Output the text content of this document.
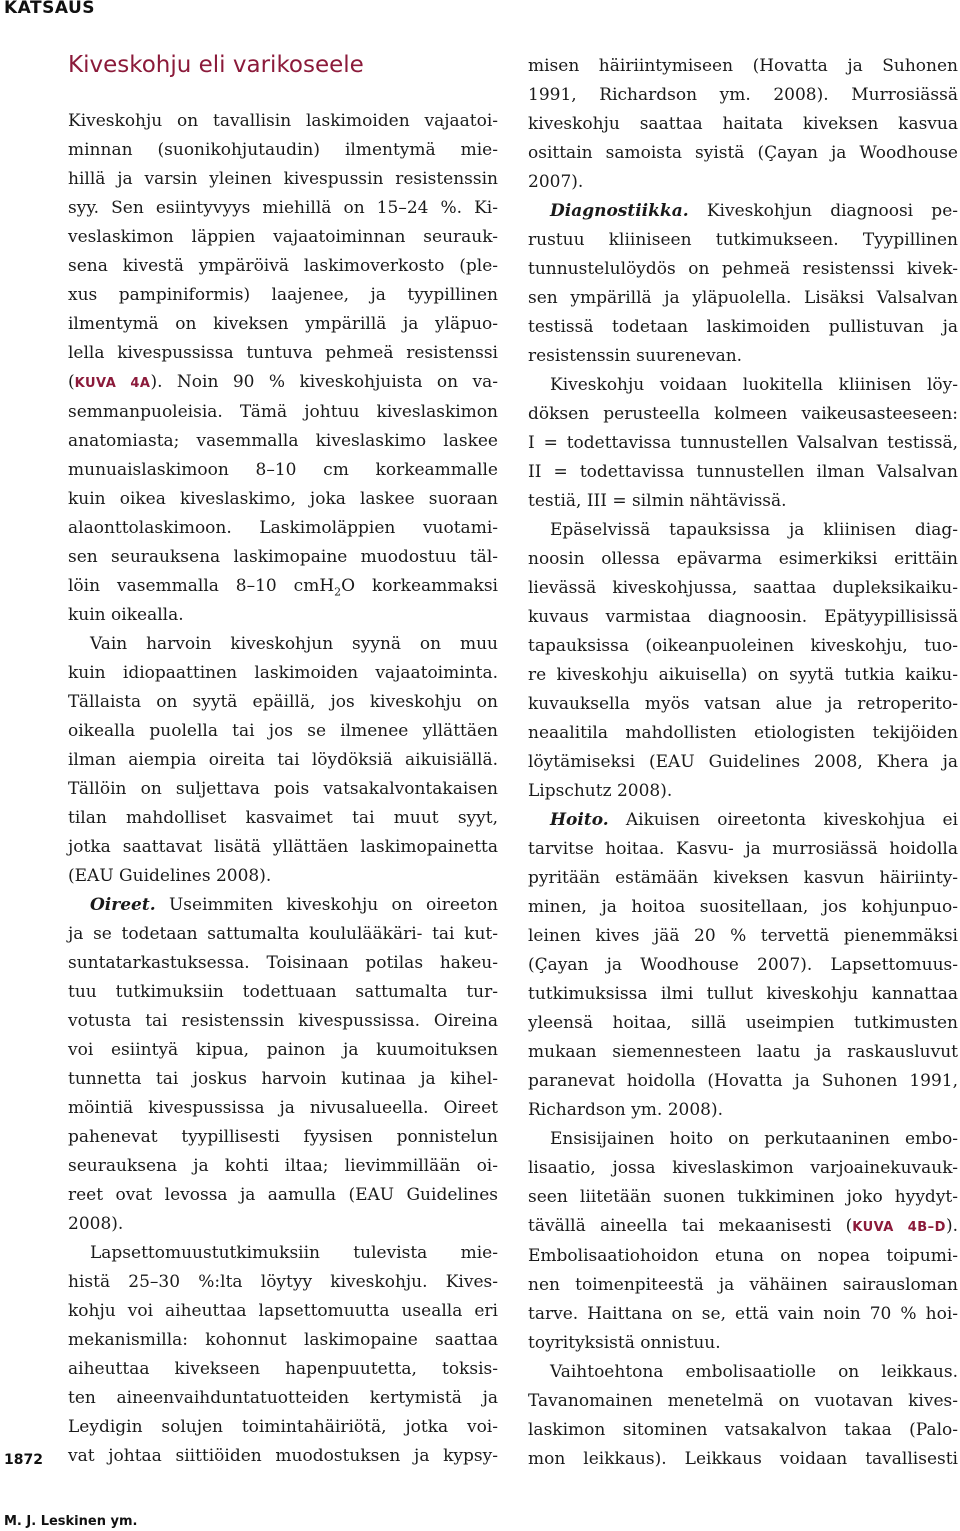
KATSAUS
Kiveskohju eli varikoseele
Kiveskohju on tavallisin laskimoiden vajaatoi-
minnan (suonikohjutaudin) ilmentymä mie-
hillä ja varsin yleinen kivespussin resistenssin
syy. Sen esiintyvyys miehillä on 15–24 %. Ki-
veslaskimon läppien vajaatoiminnan seurauk-
sena kivestä ympäröivä laskimoverkosto (ple-
xus pampiniformis) laajenee, ja tyypillinen
ilmentymä on kiveksen ympärillä ja yläpuo-
lella kivespussissa tuntuva pehmeä resistenssi
(KUVA 4A). Noin 90 % kiveskohjuista on va-
semmanpuoleisia. Tämä johtuu kiveslaskimon
anatomiasta; vasemmalla kiveslaskimo laskee
munuaislaskimoon 8–10 cm korkeammalle
kuin oikea kiveslaskimo, joka laskee suoraan
alaonttolaskimoon. Laskimoläppien vuotami-
sen seurauksena laskimopaine muodostuu täl-
löin vasemmalla 8–10 cmH$_2$O korkeammaksi
kuin oikealla.
Vain harvoin kiveskohjun syynä on muu
kuin idiopaattinen laskimoiden vajaatoiminta.
Tällaista on syytä epäillä, jos kiveskohju on
oikealla puolella tai jos se ilmenee yllättäen
ilman aiempia oireita tai löydöksiä aikuisiällä.
Tällöin on suljettava pois vatsakalvontakaisen
tilan mahdolliset kasvaimet tai muut syyt,
jotka saattavat lisätä yllättäen laskimopainetta
(EAU Guidelines 2008).
Oireet. Useimmiten kiveskohju on oireeton
ja se todetaan sattumalta koululääkäri- tai kut-
suntatarkastuksessa. Toisinaan potilas hakeu-
tuu tutkimuksiin todettuaan sattumalta tur-
votusta tai resistenssin kivespussissa. Oireina
voi esiintyä kipua, painon ja kuumoituksen
tunnetta tai joskus harvoin kutinaa ja kihel-
möintiä kivespussissa ja nivusalueella. Oireet
pahenevat tyypillisesti fyysisen ponnistelun
seurauksena ja kohti iltaa; lievimmillään oi-
reet ovat levossa ja aamulla (EAU Guidelines
2008).
Lapsettomuustutkimuksiin tulevista mie-
histä 25–30 %:lta löytyy kiveskohju. Kives-
kohju voi aiheuttaa lapsettomuutta usealla eri
mekanismilla: kohonnut laskimopaine saattaa
aiheuttaa kivekseen hapenpuutetta, toksis-
ten aineenvaihduntatuotteiden kertymistä ja
Leydigin solujen toimintahäiriötä, jotka voi-
vat johtaa siittiöiden muodostuksen ja kypsy-
misen häiriintymiseen (Hovatta ja Suhonen
1991, Richardson ym. 2008). Murrosiässä
kiveskohju saattaa haitata kiveksen kasvua
osittain samoista syistä (Çayan ja Woodhouse
2007).
Diagnostiikka. Kiveskohjun diagnoosi pe-
rustuu kliiniseen tutkimukseen. Tyypillinen
tunnustelulöydös on pehmeä resistenssi kivek-
sen ympärillä ja yläpuolella. Lisäksi Valsalvan
testissä todetaan laskimoiden pullistuvan ja
resistenssin suurenevan.
Kiveskohju voidaan luokitella kliinisen löy-
döksen perusteella kolmeen vaikeusasteeseen:
I = todettavissa tunnustellen Valsalvan testissä,
II = todettavissa tunnustellen ilman Valsalvan
testiä, III = silmin nähtävissä.
Epäselvissä tapauksissa ja kliinisen diag-
noosin ollessa epävarma esimerkiksi erittäin
lievässä kiveskohjussa, saattaa dupleksikaiku-
kuvaus varmistaa diagnoosin. Epätyypillisissä
tapauksissa (oikeanpuoleinen kiveskohju, tuo-
re kiveskohju aikuisella) on syytä tutkia kaiku-
kuvauksella myös vatsan alue ja retroperito-
neaalitila mahdollisten etiologisten tekijöiden
löytämiseksi (EAU Guidelines 2008, Khera ja
Lipschutz 2008).
Hoito. Aikuisen oireetonta kiveskohjua ei
tarvitse hoitaa. Kasvu- ja murrosiässä hoidolla
pyritään estämään kiveksen kasvun häiriinty-
minen, ja hoitoa suositellaan, jos kohjunpuo-
leinen kives jää 20 % tervettä pienemmäksi
(Çayan ja Woodhouse 2007). Lapsettomuus-
tutkimuksissa ilmi tullut kiveskohju kannattaa
yleensä hoitaa, sillä useimpien tutkimusten
mukaan siemennesteen laatu ja raskausluvut
paranevat hoidolla (Hovatta ja Suhonen 1991,
Richardson ym. 2008).
Ensisijainen hoito on perkutaaninen embo-
lisaatio, jossa kiveslaskimon varjoainekuvauk-
seen liitetään suonen tukkiminen joko hyydyt-
tävällä aineella tai mekaanisesti (KUVA 4B–D).
Embolisaatiohoidon etuna on nopea toipumi-
nen toimenpiteestä ja vähäinen sairausloman
tarve. Haittana on se, että vain noin 70 % hoi-
toyrityksistä onnistuu.
Vaihtoehtona embolisaatiolle on leikkaus.
Tavanomainen menetelmä on vuotavan kives-
laskimon sitominen vatsakalvon takaa (Palo-
mon leikkaus). Leikkaus voidaan tavallisesti
1872
M. J. Leskinen ym.
